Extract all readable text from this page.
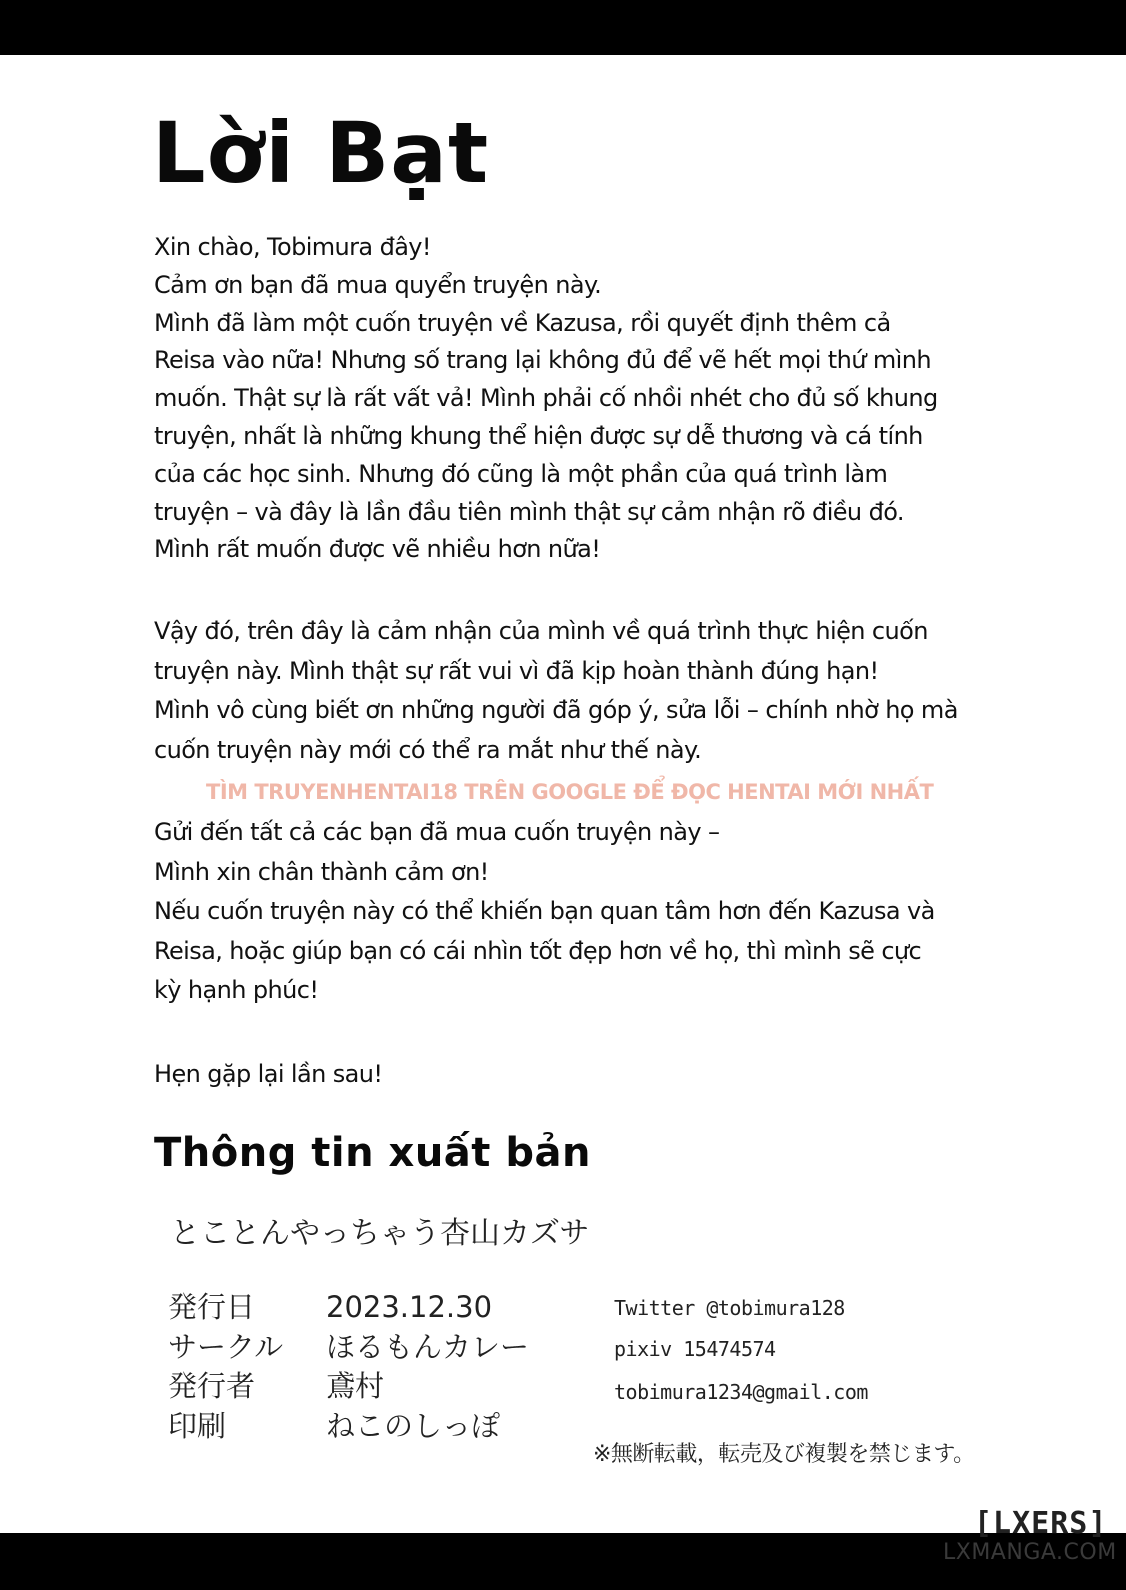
Lời Bạt
Xin chào, Tobimura đây!
Cảm ơn bạn đã mua quyển truyện này.
Mình đã làm một cuốn truyện về Kazusa, rồi quyết định thêm cả
Reisa vào nữa! Nhưng số trang lại không đủ để vẽ hết mọi thứ mình
muốn. Thật sự là rất vất vả! Mình phải cố nhồi nhét cho đủ số khung
truyện, nhất là những khung thể hiện được sự dễ thương và cá tính
của các học sinh. Nhưng đó cũng là một phần của quá trình làm
truyện – và đây là lần đầu tiên mình thật sự cảm nhận rõ điều đó.
Mình rất muốn được vẽ nhiều hơn nữa!
Vậy đó, trên đây là cảm nhận của mình về quá trình thực hiện cuốn
truyện này. Mình thật sự rất vui vì đã kịp hoàn thành đúng hạn!
Mình vô cùng biết ơn những người đã góp ý, sửa lỗi – chính nhờ họ mà
cuốn truyện này mới có thể ra mắt như thế này.

TÌM TRUYENHENTAI18 TRÊN GOOGLE ĐỂ ĐỌC HENTAI MỚI NHẤT

Gửi đến tất cả các bạn đã mua cuốn truyện này –
Mình xin chân thành cảm ơn!
Nếu cuốn truyện này có thể khiến bạn quan tâm hơn đến Kazusa và
Reisa, hoặc giúp bạn có cái nhìn tốt đẹp hơn về họ, thì mình sẽ cực
kỳ hạnh phúc!
Hẹn gặp lại lần sau!
Thông tin xuất bản

とことんやっちゃう杏山カズサ

発行日	2023.12.30
サークル	ほるもんカレー
発行者	鳶村
印刷	ねこのしっぽ

Twitter @tobimura128

pixiv 15474574

tobimura1234@gmail.com

※無断転載，転売及び複製を禁じます。

[LXERS]

LXMANGA.COM
